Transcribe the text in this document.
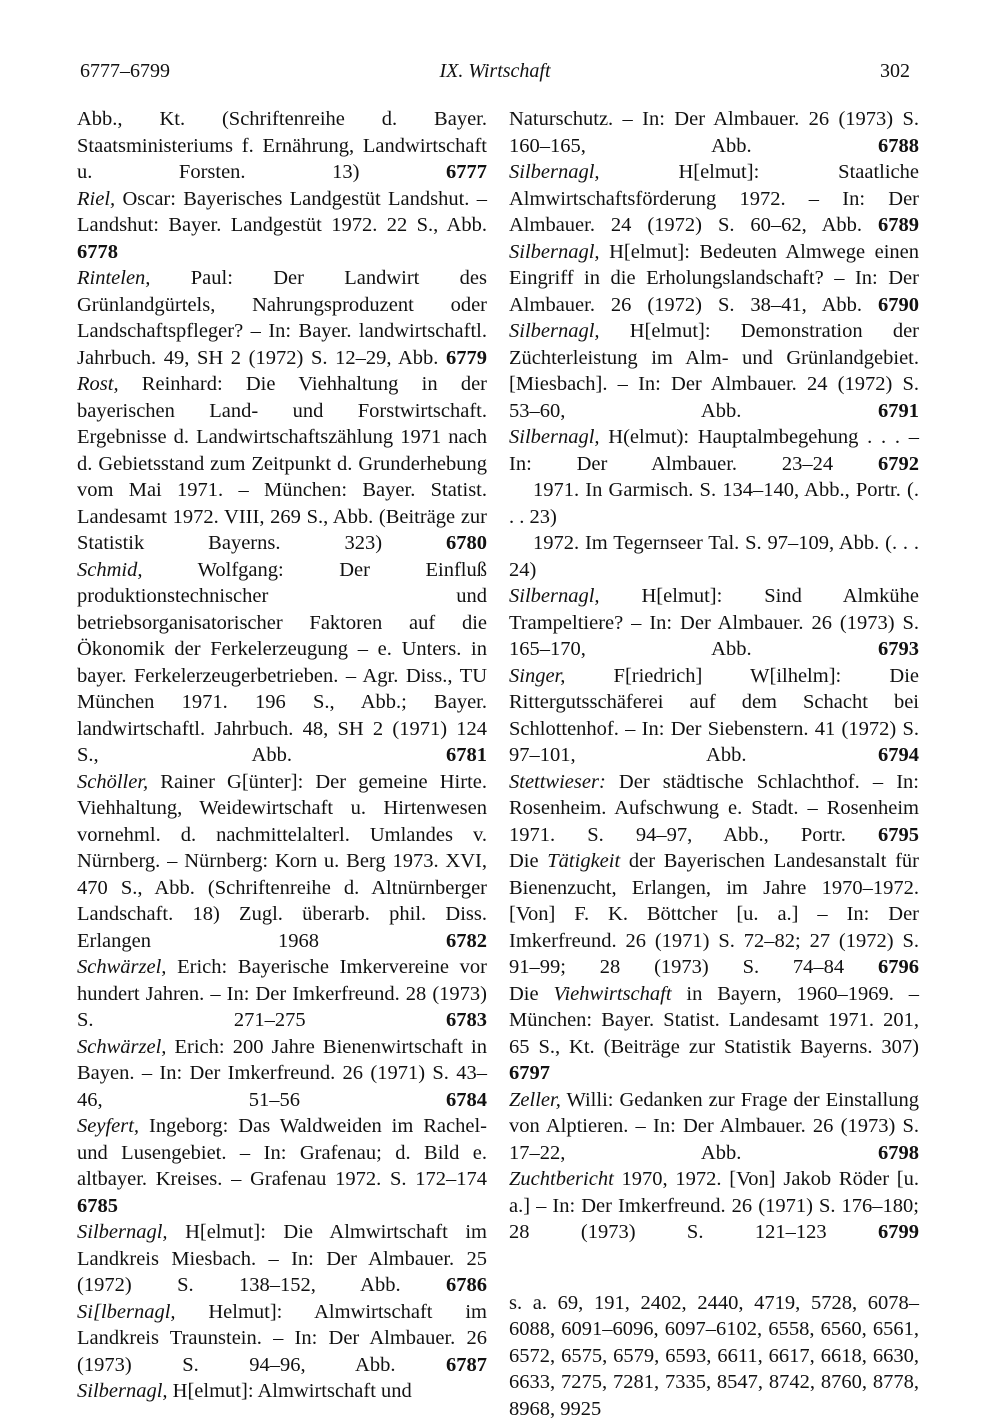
6777–6799	IX. Wirtschaft	302
Abb., Kt. (Schriftenreihe d. Bayer. Staatsministeriums f. Ernährung, Landwirtschaft u. Forsten. 13)	6777
Riel, Oscar: Bayerisches Landgestüt Landshut. – Landshut: Bayer. Landgestüt 1972. 22 S., Abb. 6778
Rintelen, Paul: Der Landwirt des Grünlandgürtels, Nahrungsproduzent oder Landschaftspfleger? – In: Bayer. landwirtschaftl. Jahrbuch. 49, SH 2 (1972) S. 12–29, Abb. 6779
Rost, Reinhard: Die Viehhaltung in der bayerischen Land- und Forstwirtschaft. Ergebnisse d. Landwirtschaftszählung 1971 nach d. Gebietsstand zum Zeitpunkt d. Grunderhebung vom Mai 1971. – München: Bayer. Statist. Landesamt 1972. VIII, 269 S., Abb. (Beiträge zur Statistik Bayerns. 323)	6780
Schmid, Wolfgang: Der Einfluß produktionstechnischer und betriebsorganisatorischer Faktoren auf die Ökonomik der Ferkelerzeugung – e. Unters. in bayer. Ferkelerzeugerbetrieben. – Agr. Diss., TU München 1971. 196 S., Abb.; Bayer. landwirtschaftl. Jahrbuch. 48, SH 2 (1971) 124 S., Abb.	6781
Schöller, Rainer G[ünter]: Der gemeine Hirte. Viehhaltung, Weidewirtschaft u. Hirtenwesen vornehml. d. nachmittelalterl. Umlandes v. Nürnberg. – Nürnberg: Korn u. Berg 1973. XVI, 470 S., Abb. (Schriftenreihe d. Altnürnberger Landschaft. 18) Zugl. überarb. phil. Diss. Erlangen 1968	6782
Schwärzel, Erich: Bayerische Imkervereine vor hundert Jahren. – In: Der Imkerfreund. 28 (1973) S. 271–275	6783
Schwärzel, Erich: 200 Jahre Bienenwirtschaft in Bayen. – In: Der Imkerfreund. 26 (1971) S. 43–46, 51–56	6784
Seyfert, Ingeborg: Das Waldweiden im Rachel- und Lusengebiet. – In: Grafenau; d. Bild e. altbayer. Kreises. – Grafenau 1972. S. 172–174 6785
Silbernagl, H[elmut]: Die Almwirtschaft im Landkreis Miesbach. – In: Der Almbauer. 25 (1972) S. 138–152, Abb. 6786
Si[lbernagl, Helmut]: Almwirtschaft im Landkreis Traunstein. – In: Der Almbauer. 26 (1973) S. 94–96, Abb. 6787
Silbernagl, H[elmut]: Almwirtschaft und
Naturschutz. – In: Der Almbauer. 26 (1973) S. 160–165, Abb.	6788
Silbernagl, H[elmut]: Staatliche Almwirtschaftsförderung 1972. – In: Der Almbauer. 24 (1972) S. 60–62, Abb. 6789
Silbernagl, H[elmut]: Bedeuten Almwege einen Eingriff in die Erholungslandschaft? – In: Der Almbauer. 26 (1972) S. 38–41, Abb. 6790
Silbernagl, H[elmut]: Demonstration der Züchterleistung im Alm- und Grünlandgebiet. [Miesbach]. – In: Der Almbauer. 24 (1972) S. 53–60, Abb.	6791
Silbernagl, H(elmut): Hauptalmbegehung . . . – In: Der Almbauer. 23–24 6792
1971. In Garmisch. S. 134–140, Abb., Portr. (. . . 23)
1972. Im Tegernseer Tal. S. 97–109, Abb. (. . . 24)
Silbernagl, H[elmut]: Sind Almkühe Trampeltiere? – In: Der Almbauer. 26 (1973) S. 165–170, Abb.	6793
Singer, F[riedrich] W[ilhelm]: Die Rittergutsschäferei auf dem Schacht bei Schlottenhof. – In: Der Siebenstern. 41 (1972) S. 97–101, Abb.	6794
Stettwieser: Der städtische Schlachthof. – In: Rosenheim. Aufschwung e. Stadt. – Rosenheim 1971. S. 94–97, Abb., Portr. 6795
Die Tätigkeit der Bayerischen Landesanstalt für Bienenzucht, Erlangen, im Jahre 1970–1972. [Von] F. K. Böttcher [u. a.] – In: Der Imkerfreund. 26 (1971) S. 72–82; 27 (1972) S. 91–99; 28 (1973) S. 74–84 6796
Die Viehwirtschaft in Bayern, 1960–1969. – München: Bayer. Statist. Landesamt 1971. 201, 65 S., Kt. (Beiträge zur Statistik Bayerns. 307) 6797
Zeller, Willi: Gedanken zur Frage der Einstallung von Alptieren. – In: Der Almbauer. 26 (1973) S. 17–22, Abb.	6798
Zuchtbericht 1970, 1972. [Von] Jakob Röder [u. a.] – In: Der Imkerfreund. 26 (1971) S. 176–180; 28 (1973) S. 121–123	6799
s. a. 69, 191, 2402, 2440, 4719, 5728, 6078–6088, 6091–6096, 6097–6102, 6558, 6560, 6561, 6572, 6575, 6579, 6593, 6611, 6617, 6618, 6630, 6633, 7275, 7281, 7335, 8547, 8742, 8760, 8778, 8968, 9925
